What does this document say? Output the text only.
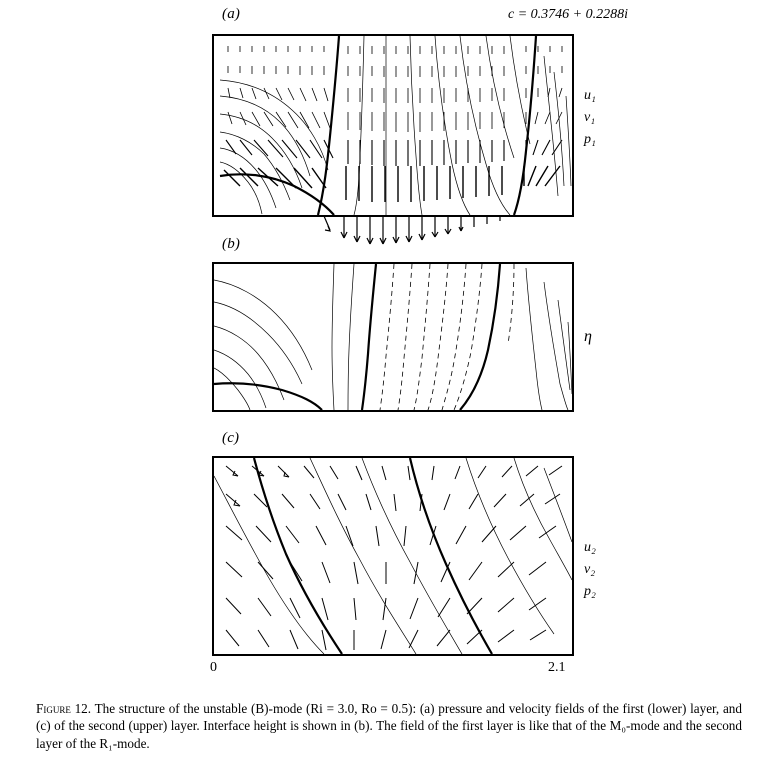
(a)	c = 0.3746 + 0.2288i
u₁
v₁
p₁
(b)
η
(c)
u₂
v₂
p₂
0	2.1
Figure 12. The structure of the unstable (B)-mode (Ri = 3.0, Ro = 0.5): (a) pressure and velocity fields of the first (lower) layer, and (c) of the second (upper) layer. Interface height is shown in (b). The field of the first layer is like that of the M₀-mode and the second layer of the R₁-mode.
